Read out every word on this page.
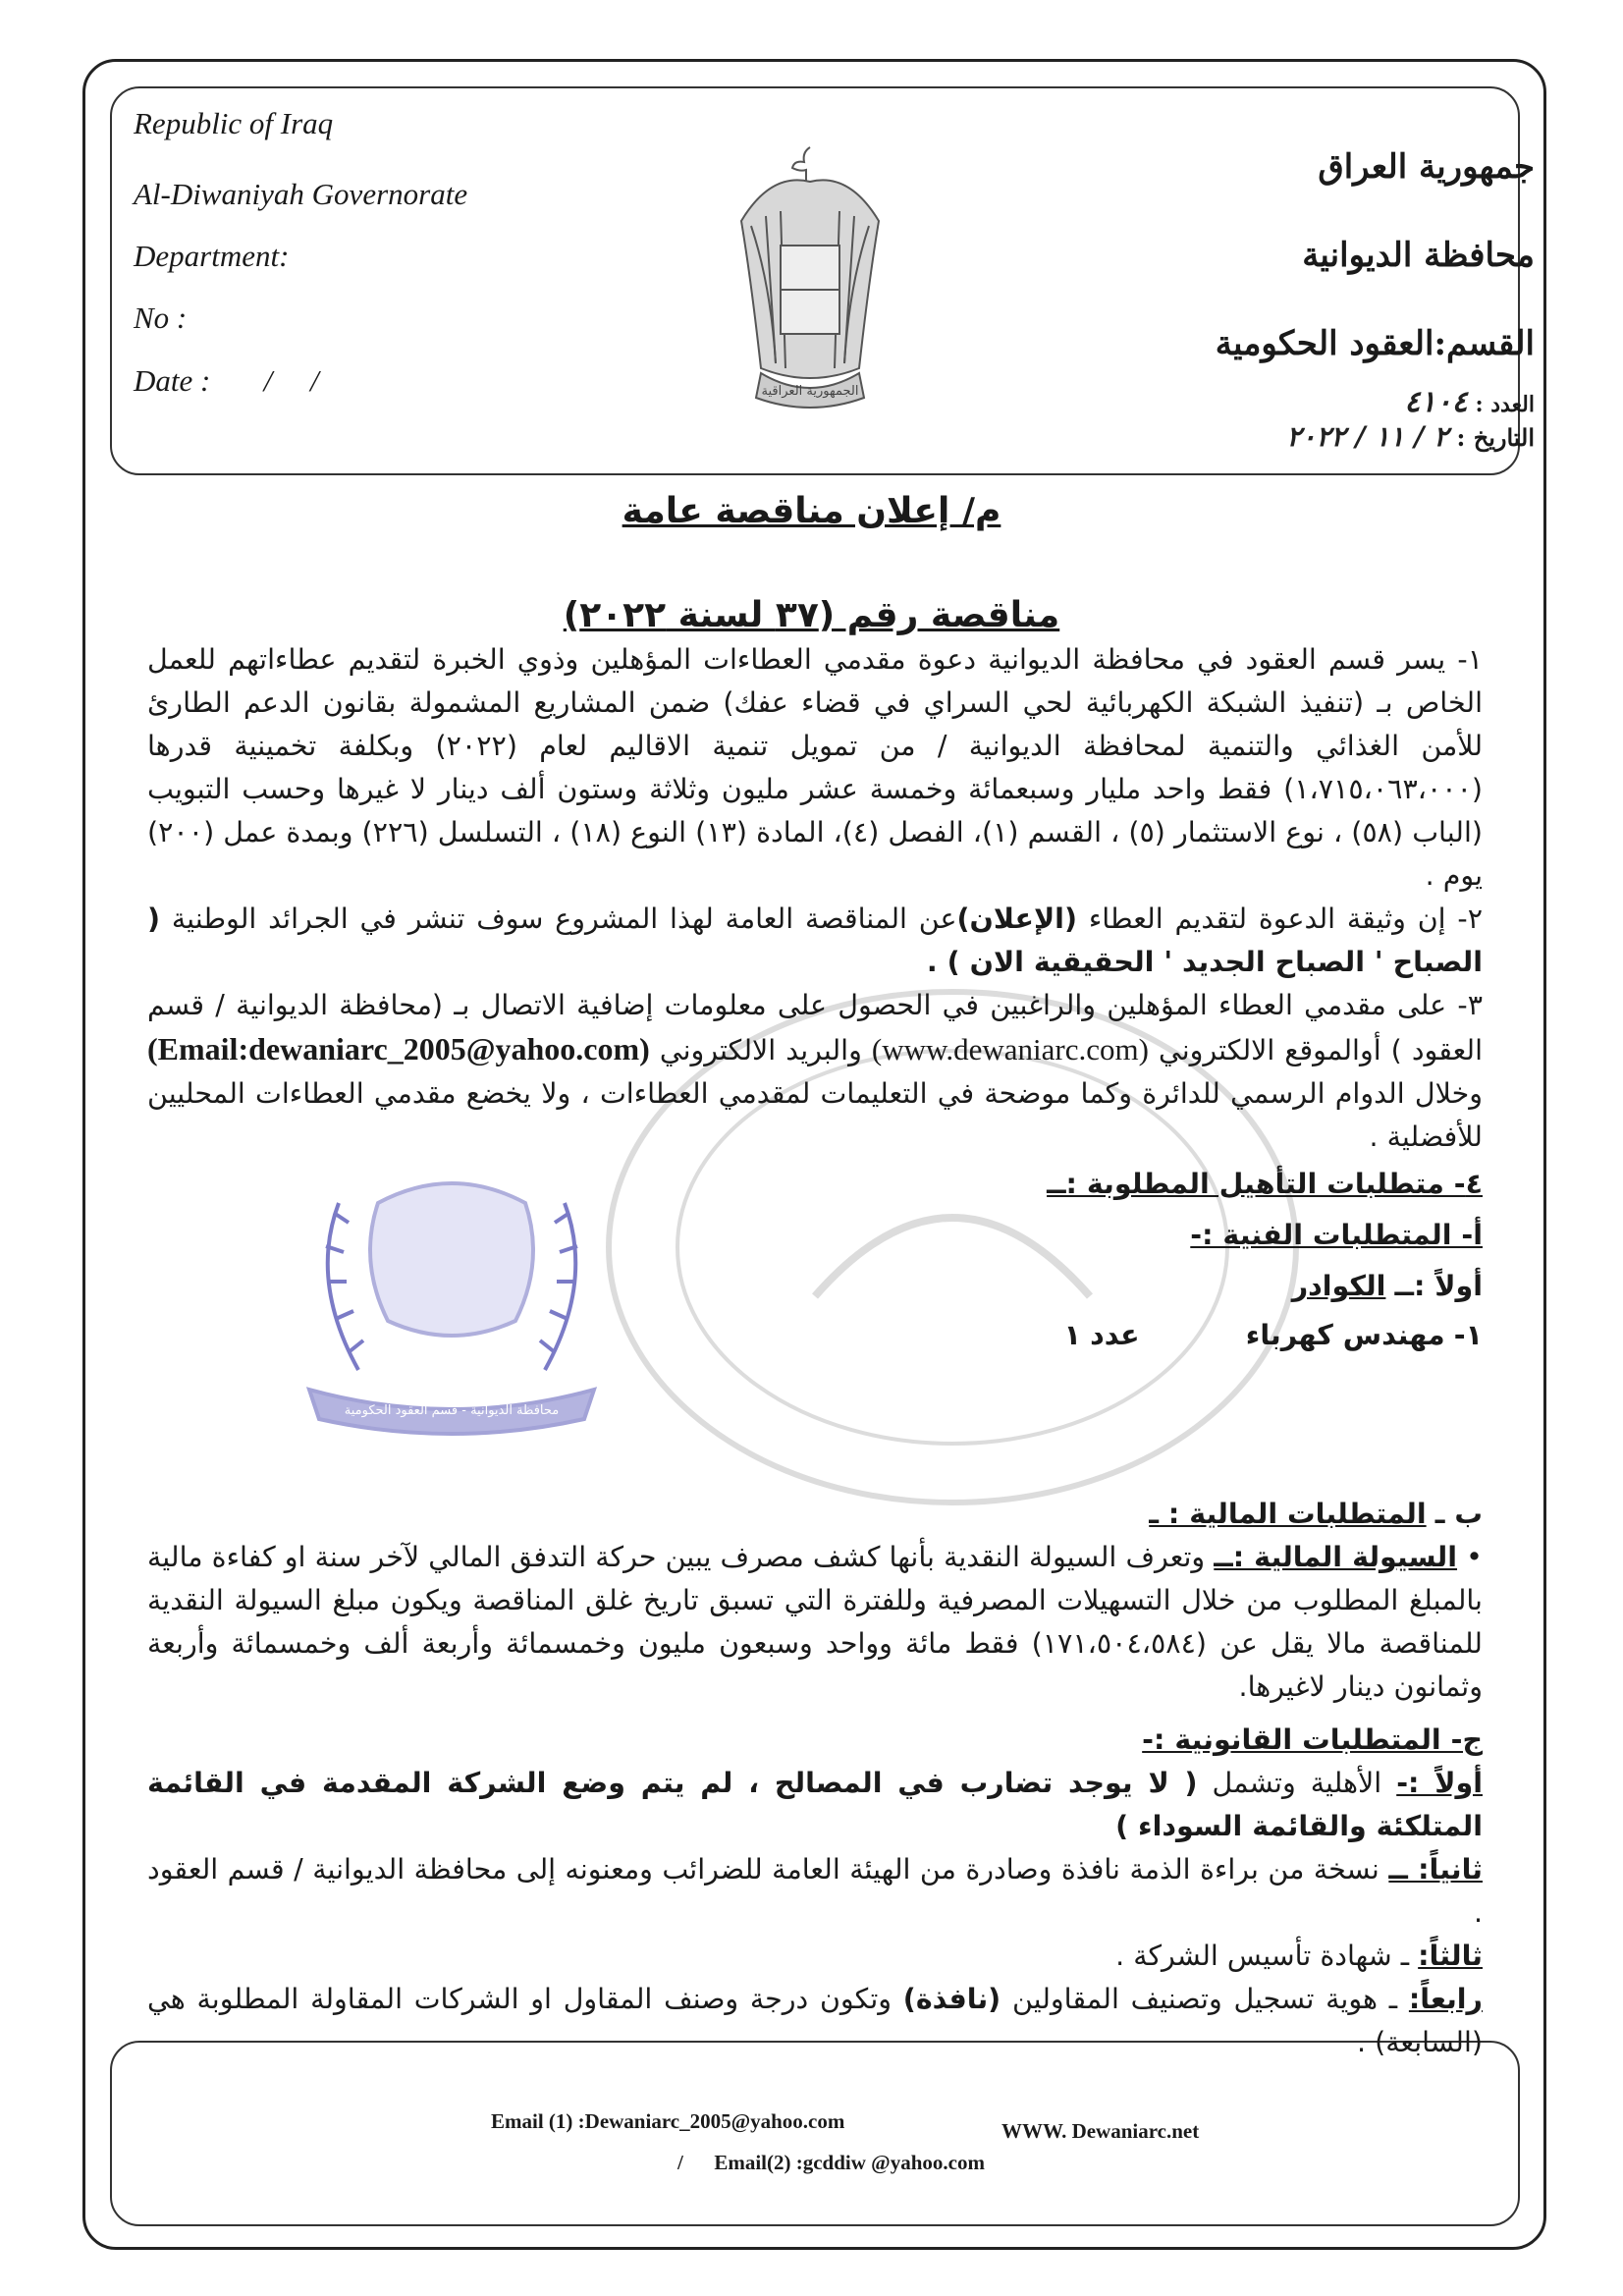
Republic of Iraq
Al-Diwaniyah Governorate
Department:
No :
Date :       /     /	الجمهورية العراقية
جمهورية العراق
محافظة الديوانية
القسم:العقود الحكومية
العدد : ٤١٠٤
التاريخ : ٢ / ١١ / ٢٠٢٢
م/ إعلان مناقصة عامة
مناقصة رقم (٣٧ لسنة ٢٠٢٢)

١- يسر قسم العقود في محافظة الديوانية دعوة مقدمي العطاءات المؤهلين وذوي الخبرة لتقديم عطاءاتهم للعمل الخاص بـ (تنفيذ الشبكة الكهربائية لحي السراي في قضاء عفك) ضمن المشاريع المشمولة بقانون الدعم الطارئ للأمن الغذائي والتنمية لمحافظة الديوانية / من تمويل تنمية الاقاليم لعام (٢٠٢٢) وبكلفة تخمينية قدرها (١،٧١٥،٠٦٣،٠٠٠) فقط واحد مليار وسبعمائة وخمسة عشر مليون وثلاثة وستون ألف دينار لا غيرها وحسب التبويب (الباب (٥٨) ، نوع الاستثمار (٥) ، القسم (١)، الفصل (٤)، المادة (١٣) النوع (١٨) ، التسلسل (٢٢٦) وبمدة عمل (٢٠٠) يوم .

٢- إن وثيقة الدعوة لتقديم العطاء (الإعلان)عن المناقصة العامة لهذا المشروع سوف تنشر في الجرائد الوطنية ( الصباح ' الصباح الجديد ' الحقيقية الان ) .

٣- على مقدمي العطاء المؤهلين والراغبين في الحصول على معلومات إضافية الاتصال بـ (محافظة الديوانية / قسم العقود ) أوالموقع الالكتروني (www.dewaniarc.com) والبريد الالكتروني (Email:dewaniarc_2005@yahoo.com) وخلال الدوام الرسمي للدائرة وكما موضحة في التعليمات لمقدمي العطاءات ، ولا يخضع مقدمي العطاءات المحليين للأفضلية .

٤- متطلبات التأهيل المطلوبة :ــ

أ- المتطلبات الفنية :-

أولاً :ــ الكوادر

١- مهندس كهرباء  عدد ١

محافظة الديوانية - قسم العقود الحكومية

ب ـ المتطلبات المالية : ـ

• السيولة المالية :ــ وتعرف السيولة النقدية بأنها كشف مصرف يبين حركة التدفق المالي لآخر سنة او كفاءة مالية بالمبلغ المطلوب من خلال التسهيلات المصرفية وللفترة التي تسبق تاريخ غلق المناقصة ويكون مبلغ السيولة النقدية للمناقصة مالا يقل عن (١٧١،٥٠٤،٥٨٤) فقط مائة وواحد وسبعون مليون وخمسمائة وأربعة ألف وخمسمائة وأربعة وثمانون دينار لاغيرها.

ج- المتطلبات القانونية :-

أولاً :- الأهلية وتشمل ( لا يوجد تضارب في المصالح ، لم يتم وضع الشركة المقدمة في القائمة المتلكئة والقائمة السوداء )

ثانياً: ــ نسخة من براءة الذمة نافذة وصادرة من الهيئة العامة للضرائب ومعنونه إلى محافظة الديوانية / قسم العقود .

ثالثاً: ـ شهادة تأسيس الشركة .

رابعاً: ـ هوية تسجيل وتصنيف المقاولين (نافذة) وتكون درجة وصنف المقاول او الشركات المقاولة المطلوبة هي (السابعة) .

Email (1) :Dewaniarc_2005@yahoo.com	WWW. Dewaniarc.net
/      Email(2) :gcddiw @yahoo.com
